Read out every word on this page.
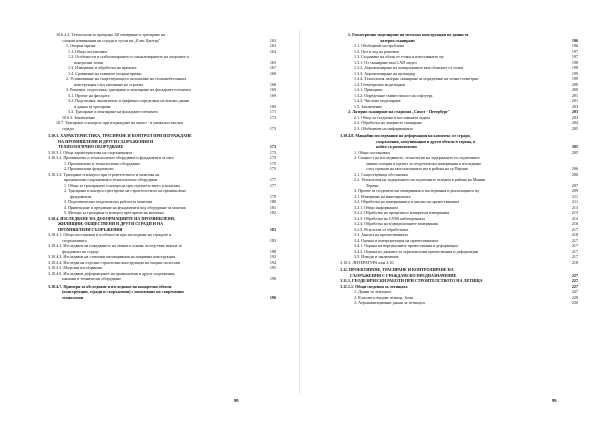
10.6.2.2. Технология за прецизно 3D измерване и трасиране на
сложни извивкании на сгради и тухли на „Елис Център"	163
1. Опорна мрежа	163
1.1. Общи постановки	163
1.2. Особености в стабилизирането и сигнализирането на опорните и
контролни точки	165
1.3. Измерване и обработка на мрежата	167
1.4. Сравнение на главните опорни мрежи	168
2. Установяване на съществуващото положение на стоманобетонната
конструкция след започване на строежа	168
3. Решение, подготовка, трасиране и монтиране на фасадните елементи	169
3.1. Проект на фасадата	169
3.2. Подготовка, аналитично и графично определяне на всички данни
и данни за трасиране	169
3.3. Трасиране и монтиране на фасадните елементи	171
10.6.3. Заключение	172
10.7. Трасиране и контрол при изграждане на много - и уникално високи
сгради	173
3.10.3. ХАРАКТЕРИСТИКА, ТРАСИРАНЕ И КОНТРОЛ ПРИ ИЗГРАЖДАНЕ
НА ПРОМИШЛЕНИ И ДРУГИ СЪОРЪЖЕНИЯ И
ТЕХНОЛОГИЧНО ОБОРУДВАНЕ	173
3.10.3.1. Обща характеристика на съоръженията	173
3.10.3.2. Промишлено и технологично оборудване и фундаменти за него	175
1. Промишлено и технологично оборудване	175
2. Промишлени фундаменти	175
3.10.3.3. Трасиране и контрол при строителството и монтажа на
промишлени съоръжения и технологично оборудване	177
1. Общи за трасирането и контрола при строителството и монтажа	177
2. Трасиране и контрол през време на строителството на промишлени
фундаменти	179
3. Подготвителни геодезически работи за монтажа	180
4. Привеждане и предаване на фундаменти под оборудване за монтаж	181
5. Методи за трасиране и контрол през време на монтажа	182
3.10.4. ИЗСЛЕДВАНЕ НА ДЕФОРМАЦИИТЕ НА ПРОМИШЛЕНИ,
ЖИЛИЩНИ, ОБЩЕСТВЕНИ И ДРУГИ СГРАДИ И НА
ПРОМИШЛЕНИ СЪОРЪЖЕНИЯ	183
3.10.4.1. Общи постановки и особености при изследване на сградите и
съоръженията	183
3.10.4.2. Изследване на покадването на земната основа, вследствие изкопа за
фундамент на сграда	188
3.10.4.3. Изследване на статични натоварвания на покривна конструкция	192
3.10.4.4. Изследва на отделни строителни конструкции на опорни полосови	194
3.10.4.5. Моделни изследвания	195
3.10.4.6. Изследване деформациите на промишлени и други съоръжения,
машини и технически оборудване	196
3.10.4.7. Примери за обследване и изследване на конкретни обекти
(конструкции, сгради и съоръжения) с използване на съвременни
технологии	196
98
1. Геометрично моделиране на метална конструкция по данни от
лазерно сканиране	196
1.1. Обобщение на проблема	196
1.2. Цел и ход на решение	197
1.3. Създаване на облак от точки и използването му	197
1.3.1. От сканиране към CAD модел	198
1.3.2. Апроксимиране на повърхнините към облаците от точки	198
1.3.3. Апроксимиране на цилиндър	199
1.3.4. Технология лазерно сканиране за определяне на точни геометрии	199
1.4. Геометрично моделиране	200
1.4.1. Принципи	200
1.4.2. Определяне съвместимост на софтуера	201
1.4.3. Числено моделиране	201
1.5. Заключение	203
2. Лазерно сканиране на стадиона „Свист - Петербург"	203
2.1. Общо за стадиона и поставената задача	203
2.2. Обработка на лазерното сканиране	204
2.3. Обобщение на информацията	205
3.10.4.8. Мащабни изследвания на деформации на комплекс от сгради,
съоръжения, комуникации и други обекти в терена, в
който са разположени	205
1. Общи постановки	205
2. Същност на изследването, технологии на задържането по подземните
заявки галерии в проект за геодезически измервания в изследване
след странни на експлоатацията им в района на гр Перник	206
2.1. Съществуваща обстановка	206
2.2. Технология на задържането на подземните галерии в района на Минни
Терени	207
3. Проект за геодезически измервания и изследвания и реализацията му	209
3.1. Измерване на нивелирмента	211
3.2. Обработка на измерванията и анализ на преместванията	211
3.2.1. Общи информации	213
3.2.2. Обработка на прецизното конкретни измервания	213
3.2.3. Обработка на GNSS наблюденията	214
3.2.4. Обработка на в/двидъчичните измервания	216
3.2.5. Резултати от обработката	217
3.3. Анализ на преместванията	218
3.4. Оценка и интерпретация на преместванията	217
3.4.1. Оценка на вертикалните премествания и деформации	217
3.4.2. Оценка по данните за хоризонтални премествания и деформации	217
3.5. Изводи и заключение	217
3.10.5. ЛИТЕРАТУРА към 3.10.	218
3.11. ПРОЕКТИРАНЕ, ТРАСИРАНЕ И КОНТРОЛИРАНЕ НА
СЪОРЪЖЕНИЯ С ГРАЖДАНСКО ПРЕДНАЗНАЧЕНИЕ	227
3.11.1. ГЕОДЕЗИЧЕСКИ РАБОТИ ПРИ СТРОИТЕЛСТВОТО НА ЛЕТИЩА	227
3.11.1.1. Общи сведения за летищата	227
1. Данни за летищата	227
2. Класове и видове летища. Зони	228
3. Аеронавигационни данни за летищата	230
99
